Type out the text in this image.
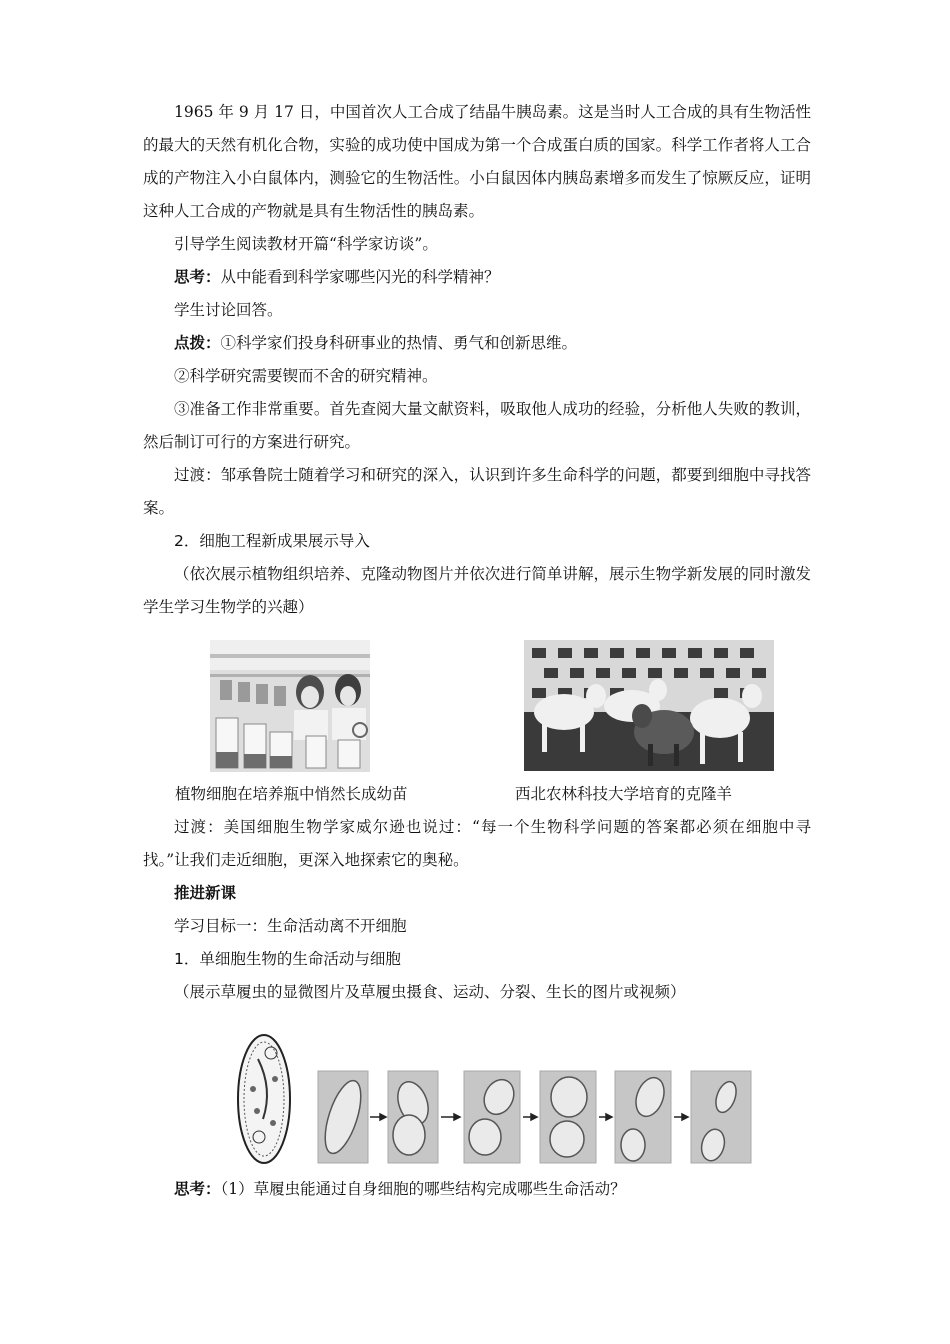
1965 年 9 月 17 日，中国首次人工合成了结晶牛胰岛素。这是当时人工合成的具有生物活性的最大的天然有机化合物，实验的成功使中国成为第一个合成蛋白质的国家。科学工作者将人工合成的产物注入小白鼠体内，测验它的生物活性。小白鼠因体内胰岛素增多而发生了惊厥反应，证明这种人工合成的产物就是具有生物活性的胰岛素。

引导学生阅读教材开篇“科学家访谈”。

思考：从中能看到科学家哪些闪光的科学精神？

学生讨论回答。

点拨：①科学家们投身科研事业的热情、勇气和创新思维。

②科学研究需要锲而不舍的研究精神。

③准备工作非常重要。首先查阅大量文献资料，吸取他人成功的经验，分析他人失败的教训，然后制订可行的方案进行研究。

过渡：邹承鲁院士随着学习和研究的深入，认识到许多生命科学的问题，都要到细胞中寻找答案。

2．细胞工程新成果展示导入

（依次展示植物组织培养、克隆动物图片并依次进行简单讲解，展示生物学新发展的同时激发学生学习生物学的兴趣）

植物细胞在培养瓶中悄然长成幼苗	西北农林科技大学培育的克隆羊

过渡：美国细胞生物学家威尔逊也说过：“每一个生物科学问题的答案都必须在细胞中寻找。”让我们走近细胞，更深入地探索它的奥秘。

推进新课

学习目标一：生命活动离不开细胞

1．单细胞生物的生命活动与细胞

（展示草履虫的显微图片及草履虫摄食、运动、分裂、生长的图片或视频）

思考：（1）草履虫能通过自身细胞的哪些结构完成哪些生命活动？
